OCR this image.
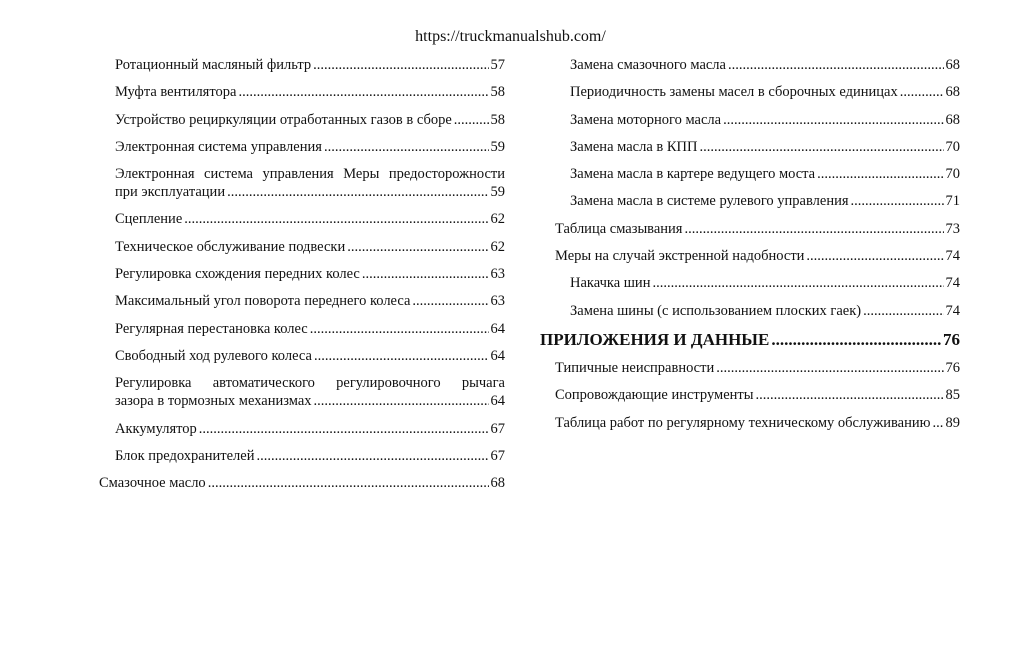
https://truckmanualshub.com/
Ротационный масляный фильтр .....	57
Муфта вентилятора .....	58
Устройство рециркуляции отработанных газов в сборе .....	58
Электронная система управления .....	59
Электронная система управления Меры предосторожности
при эксплуатации .....	59
Сцепление .....	62
Техническое обслуживание подвески .....	62
Регулировка схождения передних колес .....	63
Максимальный угол поворота переднего колеса .....	63
Регулярная перестановка колес .....	64
Свободный ход рулевого колеса .....	64
Регулировка автоматического регулировочного рычага
зазора в тормозных механизмах .....	64
Аккумулятор .....	67
Блок предохранителей .....	67
Смазочное масло .....	68
Замена смазочного масла .....	68
Периодичность замены масел в сборочных единицах .....	68
Замена моторного масла .....	68
Замена масла в КПП .....	70
Замена масла в картере ведущего моста .....	70
Замена масла в системе рулевого управления .....	71
Таблица смазывания .....	73
Меры на случай экстренной надобности .....	74
Накачка шин .....	74
Замена шины (с использованием плоских гаек) .....	74
ПРИЛОЖЕНИЯ И ДАННЫЕ .....	76
Типичные неисправности .....	76
Сопровождающие инструменты .....	85
Таблица работ по регулярному техническому обслуживанию ..... 89
